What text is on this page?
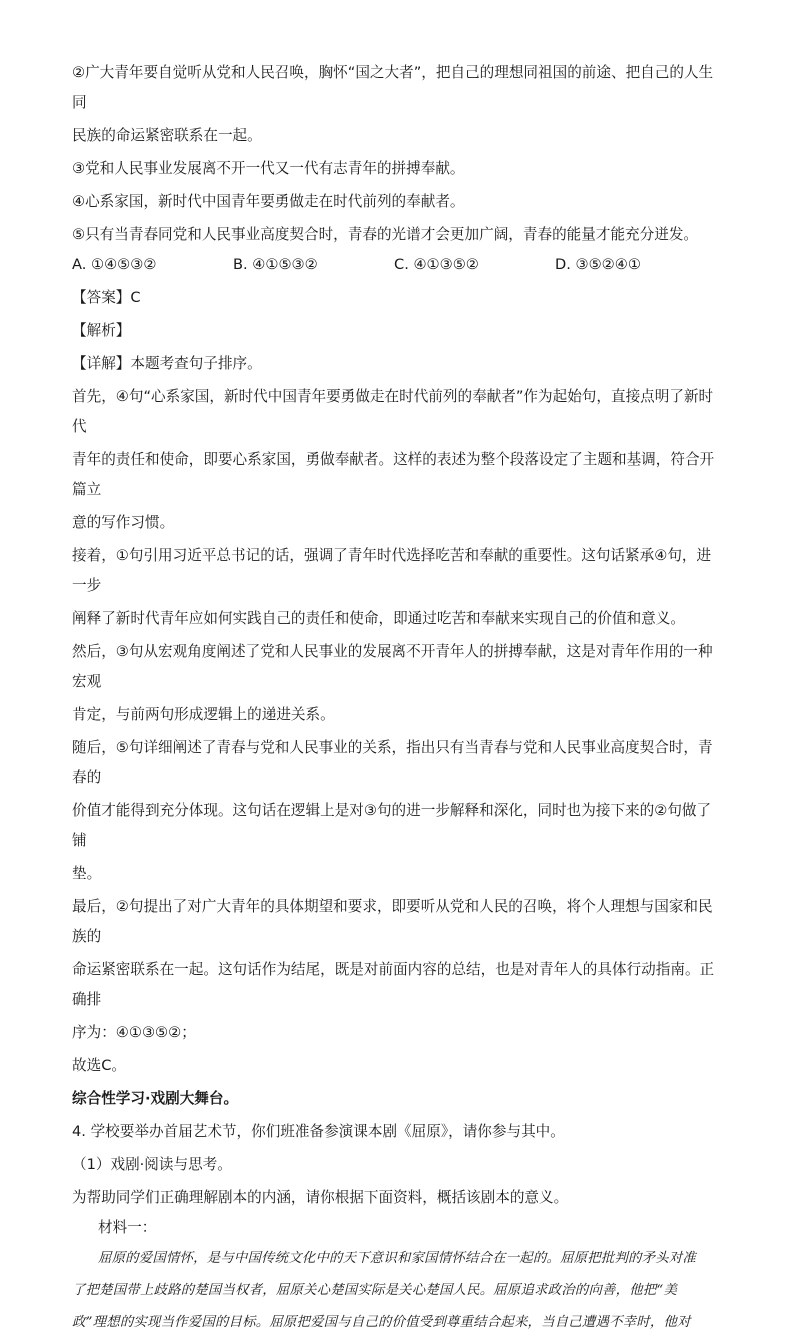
②广大青年要自觉听从党和人民召唤，胸怀“国之大者”，把自己的理想同祖国的前途、把自己的人生同

民族的命运紧密联系在一起。

③党和人民事业发展离不开一代又一代有志青年的拼搏奉献。

④心系家国，新时代中国青年要勇做走在时代前列的奉献者。

⑤只有当青春同党和人民事业高度契合时，青春的光谱才会更加广阔，青春的能量才能充分迸发。

A. ①④⑤③②	B. ④①⑤③②	C. ④①③⑤②	D. ③⑤②④①

【答案】C

【解析】

【详解】本题考查句子排序。

首先，④句“心系家国，新时代中国青年要勇做走在时代前列的奉献者”作为起始句，直接点明了新时代

青年的责任和使命，即要心系家国，勇做奉献者。这样的表述为整个段落设定了主题和基调，符合开篇立

意的写作习惯。

接着，①句引用习近平总书记的话，强调了青年时代选择吃苦和奉献的重要性。这句话紧承④句，进一步

阐释了新时代青年应如何实践自己的责任和使命，即通过吃苦和奉献来实现自己的价值和意义。

然后，③句从宏观角度阐述了党和人民事业的发展离不开青年人的拼搏奉献，这是对青年作用的一种宏观

肯定，与前两句形成逻辑上的递进关系。

随后，⑤句详细阐述了青春与党和人民事业的关系，指出只有当青春与党和人民事业高度契合时，青春的

价值才能得到充分体现。这句话在逻辑上是对③句的进一步解释和深化，同时也为接下来的②句做了铺

垫。

最后，②句提出了对广大青年的具体期望和要求，即要听从党和人民的召唤，将个人理想与国家和民族的

命运紧密联系在一起。这句话作为结尾，既是对前面内容的总结，也是对青年人的具体行动指南。正确排

序为：④①③⑤②；

故选C。

综合性学习·戏剧大舞台。

4. 学校要举办首届艺术节，你们班准备参演课本剧《屈原》，请你参与其中。

（1）戏剧·阅读与思考。

为帮助同学们正确理解剧本的内涵，请你根据下面资料，概括该剧本的意义。

材料一：

屈原的爱国情怀，是与中国传统文化中的天下意识和家国情怀结合在一起的。屈原把批判的矛头对准

了把楚国带上歧路的楚国当权者，屈原关心楚国实际是关心楚国人民。屈原追求政治的向善，他把“美

政”理想的实现当作爱国的目标。屈原把爱国与自己的价值受到尊重结合起来，当自己遭遇不幸时，他对
